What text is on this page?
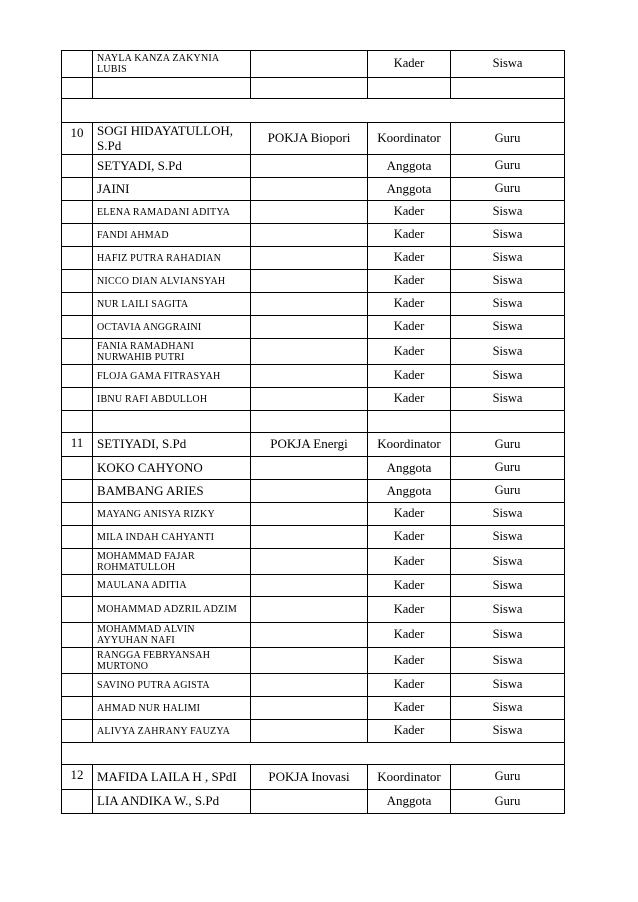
	NAYLA KANZA ZAKYNIA LUBIS		Kader	Siswa

10	SOGI HIDAYATULLOH, S.Pd	POKJA Biopori	Koordinator	Guru
	SETYADI, S.Pd		Anggota	Guru
	JAINI		Anggota	Guru
	ELENA RAMADANI ADITYA		Kader	Siswa
	FANDI AHMAD		Kader	Siswa
	HAFIZ PUTRA RAHADIAN		Kader	Siswa
	NICCO DIAN ALVIANSYAH		Kader	Siswa
	NUR LAILI SAGITA		Kader	Siswa
	OCTAVIA ANGGRAINI		Kader	Siswa
	FANIA RAMADHANI NURWAHIB PUTRI		Kader	Siswa
	FLOJA GAMA FITRASYAH		Kader	Siswa
	IBNU RAFI ABDULLOH		Kader	Siswa

11	SETIYADI, S.Pd	POKJA Energi	Koordinator	Guru
	KOKO CAHYONO		Anggota	Guru
	BAMBANG ARIES		Anggota	Guru
	MAYANG ANISYA RIZKY		Kader	Siswa
	MILA INDAH CAHYANTI		Kader	Siswa
	MOHAMMAD FAJAR ROHMATULLOH		Kader	Siswa
	MAULANA ADITIA		Kader	Siswa
	MOHAMMAD ADZRIL ADZIM		Kader	Siswa
	MOHAMMAD ALVIN AYYUHAN NAFI		Kader	Siswa
	RANGGA FEBRYANSAH MURTONO		Kader	Siswa
	SAVINO PUTRA AGISTA		Kader	Siswa
	AHMAD NUR HALIMI		Kader	Siswa
	ALIVYA ZAHRANY FAUZYA		Kader	Siswa

12	MAFIDA LAILA H , SPdI	POKJA Inovasi	Koordinator	Guru
	LIA ANDIKA W., S.Pd		Anggota	Guru
